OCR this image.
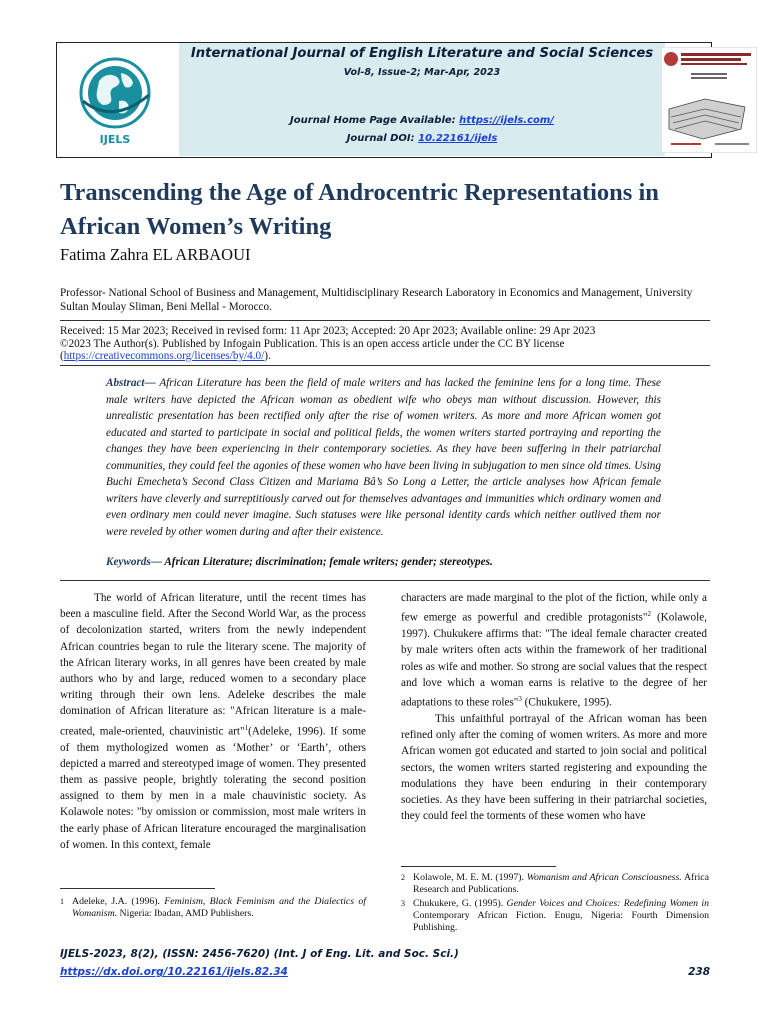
IJELS
International Journal of English Literature and Social Sciences
Vol-8, Issue-2; Mar-Apr, 2023
Journal Home Page Available: https://ijels.com/
Journal DOI: 10.22161/ijels
Transcending the Age of Androcentric Representations in African Women’s Writing
Fatima Zahra EL ARBAOUI
Professor- National School of Business and Management, Multidisciplinary Research Laboratory in Economics and Management, University Sultan Moulay Sliman, Beni Mellal - Morocco.
Received: 15 Mar 2023; Received in revised form: 11 Apr 2023; Accepted: 20 Apr 2023; Available online: 29 Apr 2023
©2023 The Author(s). Published by Infogain Publication. This is an open access article under the CC BY license
(https://creativecommons.org/licenses/by/4.0/).
Abstract— African Literature has been the field of male writers and has lacked the feminine lens for a long time. These male writers have depicted the African woman as obedient wife who obeys man without discussion. However, this unrealistic presentation has been rectified only after the rise of women writers. As more and more African women got educated and started to participate in social and political fields, the women writers started portraying and reporting the changes they have been experiencing in their contemporary societies. As they have been suffering in their patriarchal communities, they could feel the agonies of these women who have been living in subjugation to men since old times. Using Buchi Emecheta’s Second Class Citizen and Mariama Bâ’s So Long a Letter, the article analyses how African female writers have cleverly and surreptitiously carved out for themselves advantages and immunities which ordinary women and even ordinary men could never imagine. Such statuses were like personal identity cards which neither outlived them nor were reveled by other women during and after their existence.
Keywords— African Literature; discrimination; female writers; gender; stereotypes.

The world of African literature, until the recent times has been a masculine field. After the Second World War, as the process of decolonization started, writers from the newly independent African countries began to rule the literary scene. The majority of the African literary works, in all genres have been created by male authors who by and large, reduced women to a secondary place writing through their own lens. Adeleke describes the male domination of African literature as: "African literature is a male-created, male-oriented, chauvinistic art"$^1$(Adeleke, 1996). If some of them mythologized women as ‘Mother’ or ‘Earth’, others depicted a marred and stereotyped image of women. They presented them as passive people, brightly tolerating the second position assigned to them by men in a male chauvinistic society. As Kolawole notes: "by omission or commission, most male writers in the early phase of African literature encouraged the marginalisation of women. In this context, female

characters are made marginal to the plot of the fiction, while only a few emerge as powerful and credible protagonists"$^2$ (Kolawole, 1997). Chukukere affirms that: "The ideal female character created by male writers often acts within the framework of her traditional roles as wife and mother. So strong are social values that the respect and love which a woman earns is relative to the degree of her adaptations to these roles"$^3$ (Chukukere, 1995).

This unfaithful portrayal of the African woman has been refined only after the coming of women writers. As more and more African women got educated and started to join social and political sectors, the women writers started registering and expounding the modulations they have been enduring in their contemporary societies. As they have been suffering in their patriarchal societies, they could feel the torments of these women who have

1 Adeleke, J.A. (1996). Feminism, Black Feminism and the Dialectics of Womanism. Nigeria: Ibadan, AMD Publishers.
2 Kolawole, M. E. M. (1997). Womanism and African Consciousness. Africa Research and Publications.
3 Chukukere, G. (1995). Gender Voices and Choices: Redefining Women in Contemporary African Fiction. Enugu, Nigeria: Fourth Dimension Publishing.
IJELS-2023, 8(2), (ISSN: 2456-7620) (Int. J of Eng. Lit. and Soc. Sci.)
https://dx.doi.org/10.22161/ijels.82.34	238
